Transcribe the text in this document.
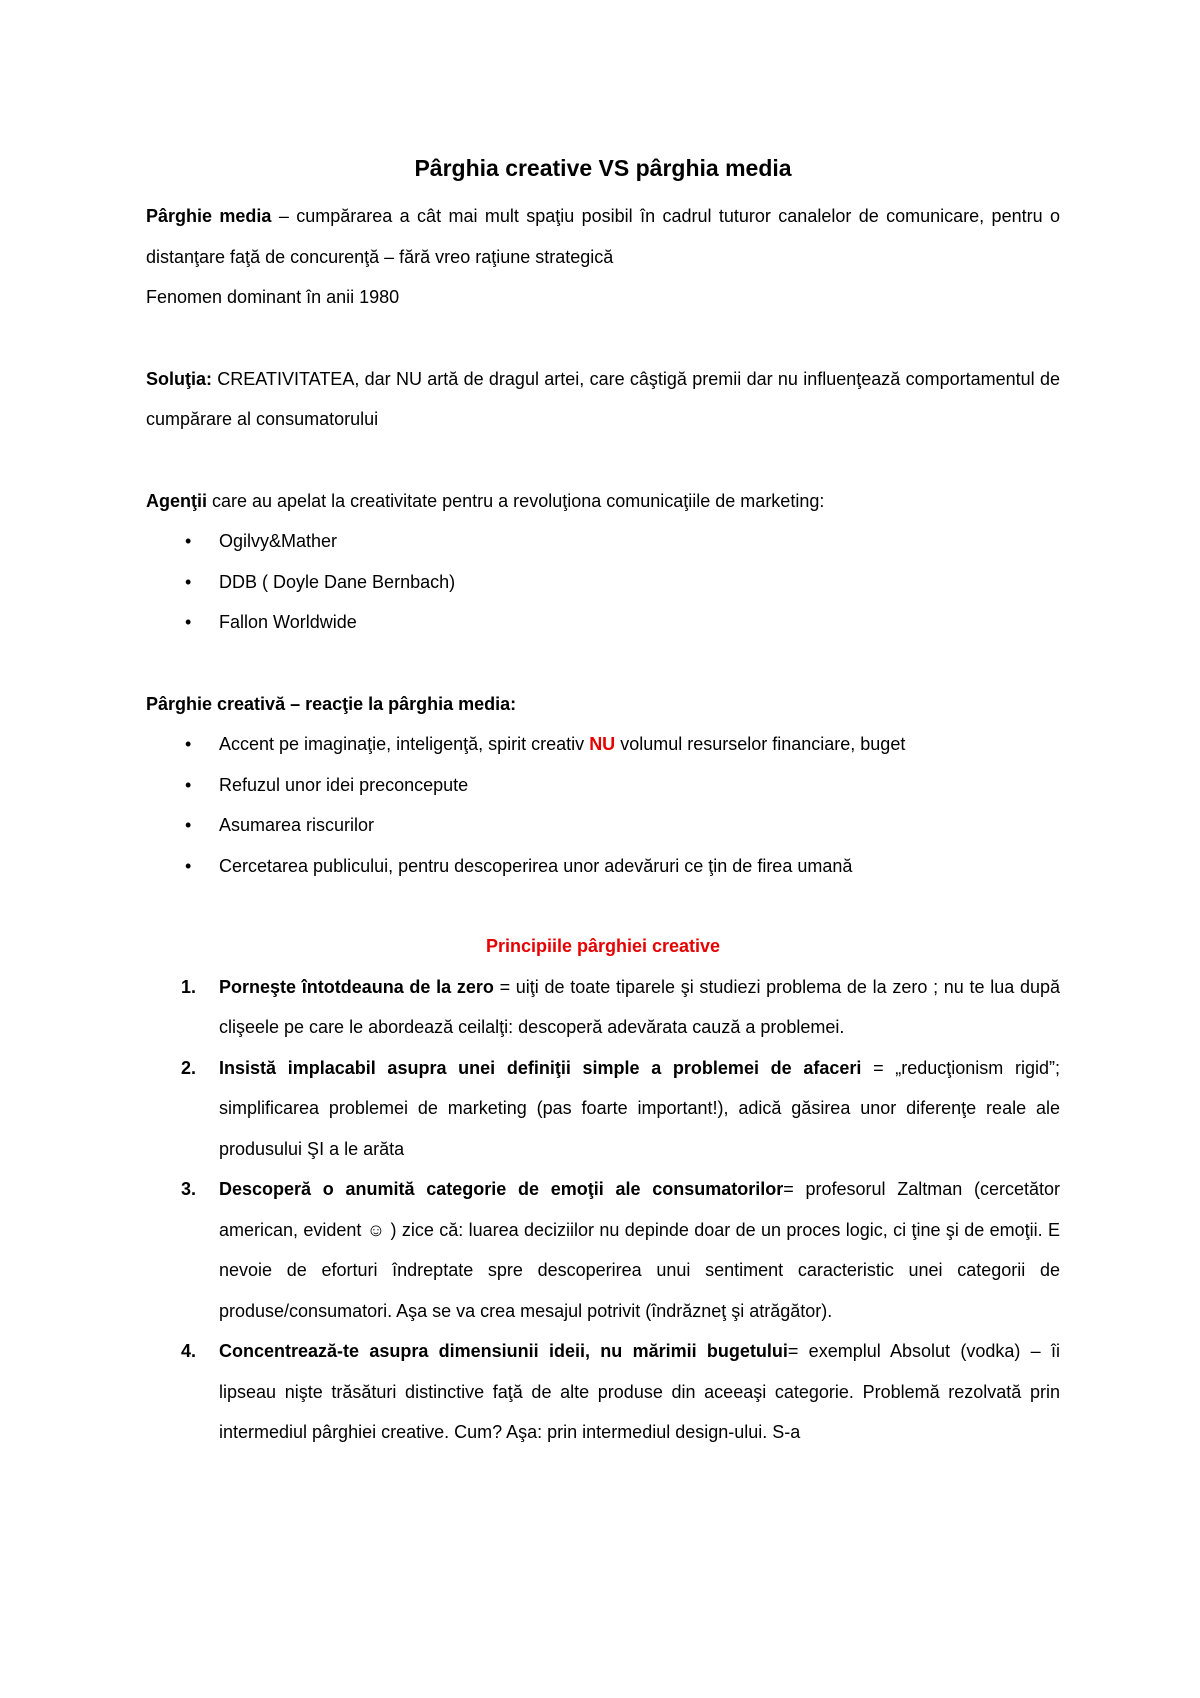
Pârghia creative VS pârghia media

Pârghie media – cumpărarea a cât mai mult spaţiu posibil în cadrul tuturor canalelor de comunicare, pentru o distanţare faţă de concurenţă – fără vreo raţiune strategică

Fenomen dominant în anii 1980

Soluţia: CREATIVITATEA, dar NU artă de dragul artei, care câştigă premii dar nu influenţează comportamentul de cumpărare al consumatorului

Agenţii care au apelat la creativitate pentru a revoluţiona comunicaţiile de marketing:

• Ogilvy&Mather
• DDB ( Doyle Dane Bernbach)
• Fallon Worldwide

Pârghie creativă – reacţie la pârghia media:

• Accent pe imaginaţie, inteligenţă, spirit creativ NU volumul resurselor financiare, buget
• Refuzul unor idei preconcepute
• Asumarea riscurilor
• Cercetarea publicului, pentru descoperirea unor adevăruri ce ţin de firea umană
Principiile pârghiei creative
1. Porneşte întotdeauna de la zero = uiţi de toate tiparele şi studiezi problema de la zero ; nu te lua după clişeele pe care le abordează ceilalţi: descoperă adevărata cauză a problemei.
2. Insistă implacabil asupra unei definiţii simple a problemei de afaceri = „reducţionism rigid”; simplificarea problemei de marketing (pas foarte important!), adică găsirea unor diferenţe reale ale produsului ŞI a le arăta
3. Descoperă o anumită categorie de emoţii ale consumatorilor= profesorul Zaltman (cercetător american, evident ☺ ) zice că: luarea deciziilor nu depinde doar de un proces logic, ci ţine şi de emoţii. E nevoie de eforturi îndreptate spre descoperirea unui sentiment caracteristic unei categorii de produse/consumatori. Aşa se va crea mesajul potrivit (îndrăzneţ şi atrăgător).
4. Concentrează-te asupra dimensiunii ideii, nu mărimii bugetului= exemplul Absolut (vodka) – îi lipseau nişte trăsături distinctive faţă de alte produse din aceeaşi categorie. Problemă rezolvată prin intermediul pârghiei creative. Cum? Aşa: prin intermediul design-ului. S-a
